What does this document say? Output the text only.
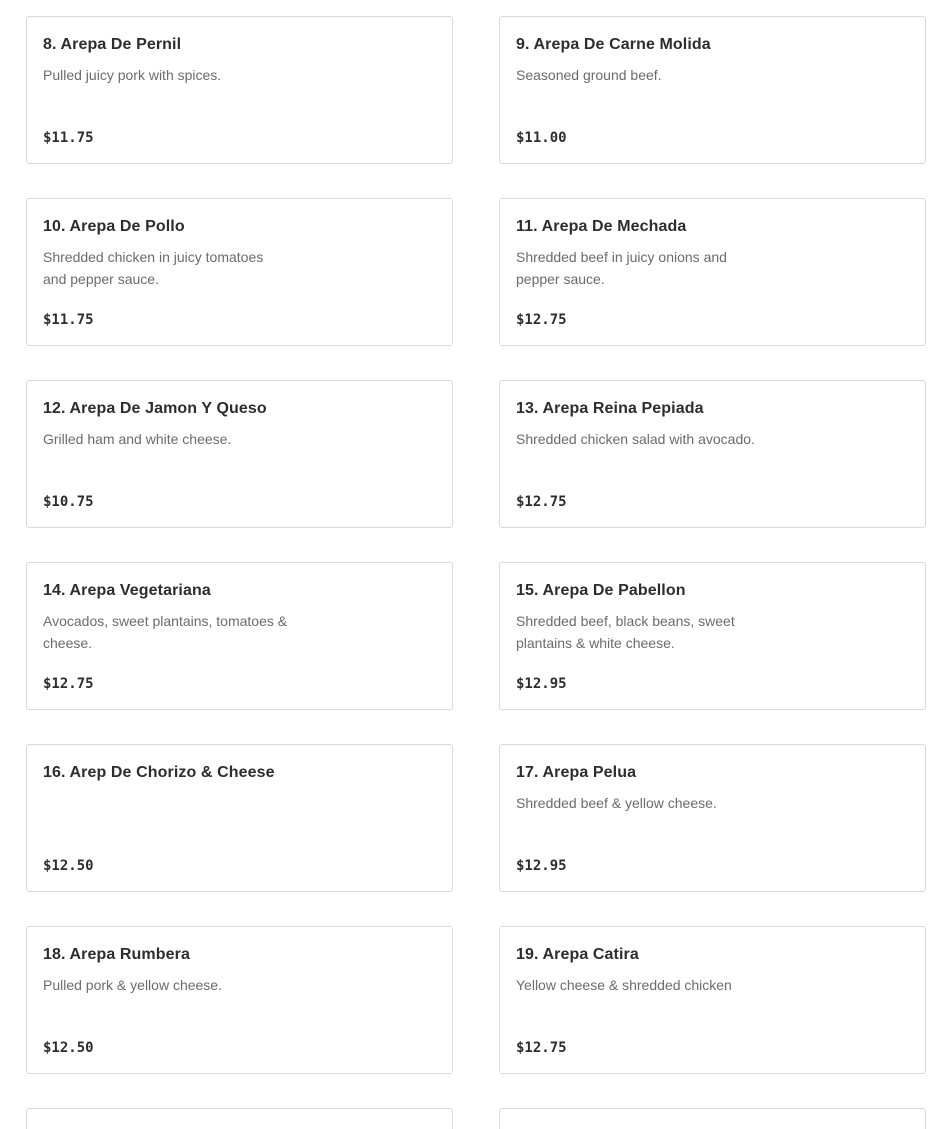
8. Arepa De Pernil
Pulled juicy pork with spices.
$11.75
9. Arepa De Carne Molida
Seasoned ground beef.
$11.00
10. Arepa De Pollo
Shredded chicken in juicy tomatoes and pepper sauce.
$11.75
11. Arepa De Mechada
Shredded beef in juicy onions and pepper sauce.
$12.75
12. Arepa De Jamon Y Queso
Grilled ham and white cheese.
$10.75
13. Arepa Reina Pepiada
Shredded chicken salad with avocado.
$12.75
14. Arepa Vegetariana
Avocados, sweet plantains, tomatoes & cheese.
$12.75
15. Arepa De Pabellon
Shredded beef, black beans, sweet plantains & white cheese.
$12.95
16. Arep De Chorizo & Cheese
$12.50
17. Arepa Pelua
Shredded beef & yellow cheese.
$12.95
18. Arepa Rumbera
Pulled pork & yellow cheese.
$12.50
19. Arepa Catira
Yellow cheese & shredded chicken
$12.75
